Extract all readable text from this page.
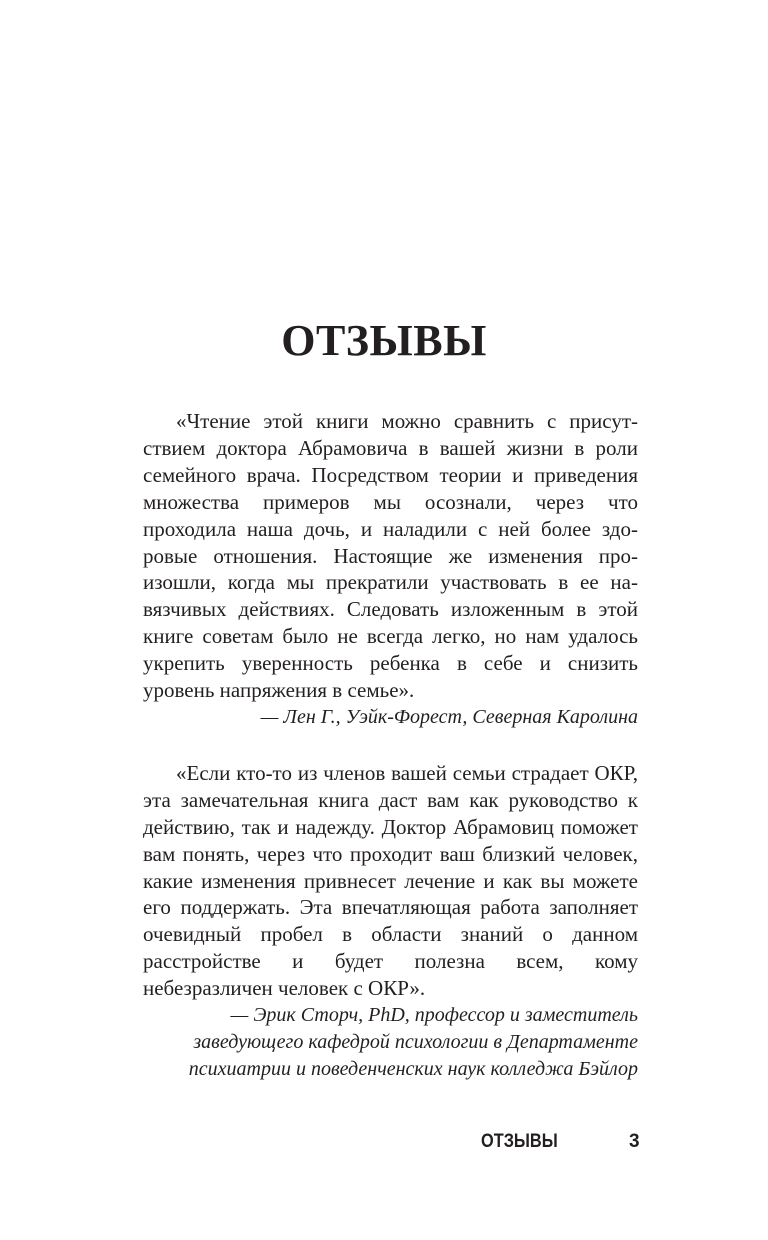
ОТЗЫВЫ

«Чтение этой книги можно сравнить с присутствием доктора Абрамовича в вашей жизни в роли семейного врача. Посредством теории и приведения множества примеров мы осознали, через что проходила наша дочь, и наладили с ней более здоровые отношения. Настоящие же изменения произошли, когда мы прекратили участвовать в ее навязчивых действиях. Следовать изложенным в этой книге советам было не всегда легко, но нам удалось укрепить уверенность ребенка в себе и снизить уровень напряжения в семье».

— Лен Г., Уэйк-Форест, Северная Каролина

«Если кто-то из членов вашей семьи страдает ОКР, эта замечательная книга даст вам как руководство к действию, так и надежду. Доктор Абрамовиц поможет вам понять, через что проходит ваш близкий человек, какие изменения привнесет лечение и как вы можете его поддержать. Эта впечатляющая работа заполняет очевидный пробел в области знаний о данном расстройстве и будет полезна всем, кому небезразличен человек с ОКР».

— Эрик Сторч, PhD, профессор и заместитель заведующего кафедрой психологии в Департаменте психиатрии и поведенченских наук колледжа Бэйлор

ОТЗЫВЫ	3
